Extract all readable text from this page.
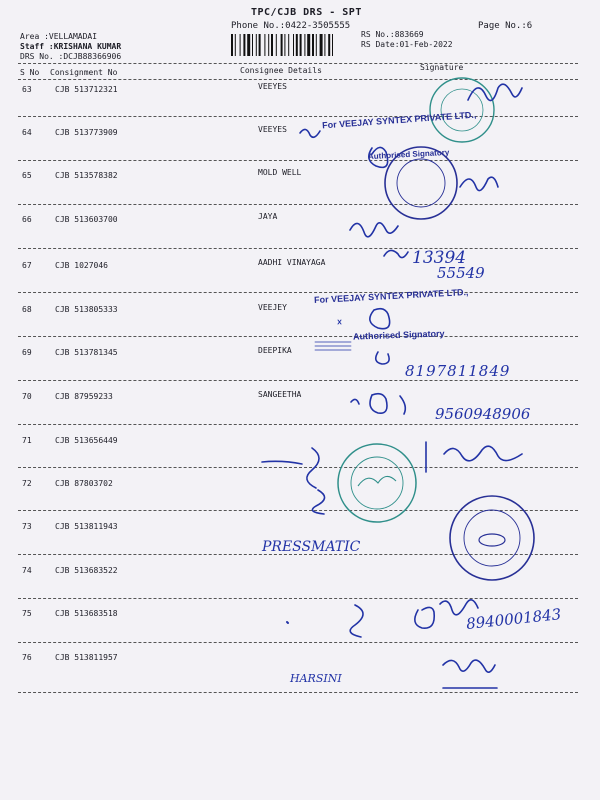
TPC/CJB DRS - SPT
Phone No.:0422-3505555	Page No.:6
Area :VELLAMADAI
Staff :KRISHANA KUMAR
DRS No. :DCJB88366906
RS No.:883669
RS Date:01-Feb-2022
S No Consignment No	Consignee Details	Signature
63	CJB 513712321	VEEYES
64	CJB 513773909	VEEYES
65	CJB 513578382	MOLD WELL
66	CJB 513603700	JAYA
67	CJB 1027046	AADHI VINAYAGA
68	CJB 513805333	VEEJEY
69	CJB 513781345	DEEPIKA
70	CJB 87959233	SANGEETHA
71	CJB 513656449
72	CJB 87803702
73	CJB 513811943
74	CJB 513683522
75	CJB 513683518
76	CJB 513811957
For VEEJAY SYNTEX PRIVATE LTD.,
Authorised Signatory
For VEEJAY SYNTEX PRIVATE LTD.,
Authorised Signatory
13394
55549
8197811849
9560948906
8940001843
PRESSMATIC
HARSINI
